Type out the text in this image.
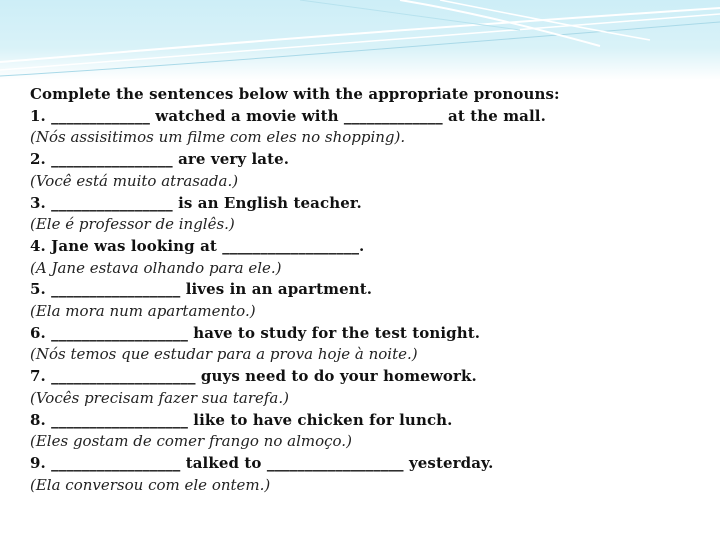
Complete the sentences below with the appropriate pronouns:

1. _____________ watched a movie with _____________ at the mall.

(Nós assisitimos um filme com eles no shopping).

2. ________________ are very late.

(Você está muito atrasada.)

3. ________________ is an English teacher.

(Ele é professor de inglês.)

4. Jane was looking at __________________.

(A Jane estava olhando para ele.)

5. _________________ lives in an apartment.

(Ela mora num apartamento.)

6. __________________ have to study for the test tonight.

(Nós temos que estudar para a prova hoje à noite.)

7. ___________________ guys need to do your homework.

(Vocês precisam fazer sua tarefa.)

8. __________________ like to have chicken for lunch.

(Eles gostam de comer frango no almoço.)

9. _________________ talked to __________________ yesterday.

(Ela conversou com ele ontem.)
